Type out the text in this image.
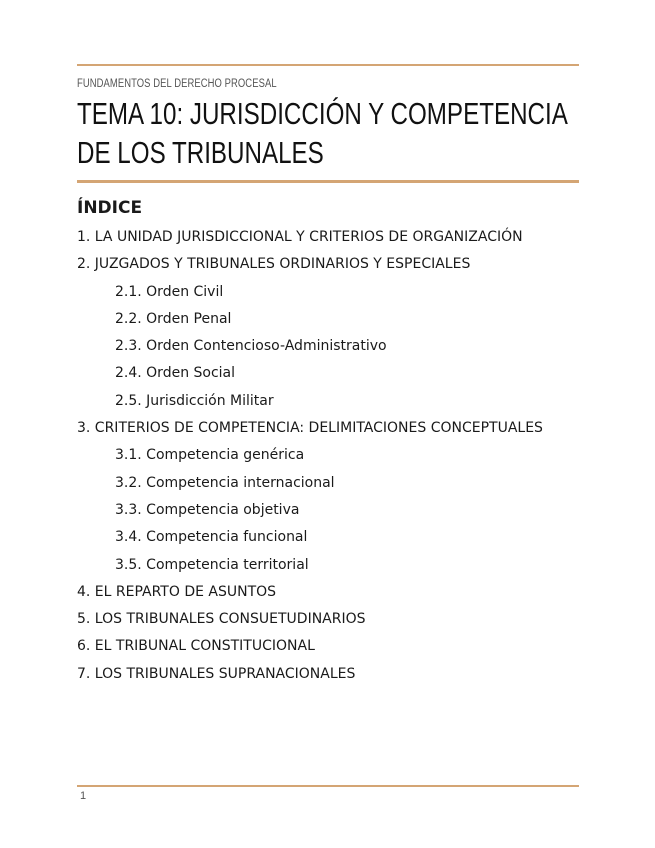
FUNDAMENTOS DEL DERECHO PROCESAL
TEMA 10: JURISDICCIÓN Y COMPETENCIA DE LOS TRIBUNALES
ÍNDICE
1. LA UNIDAD JURISDICCIONAL Y CRITERIOS DE ORGANIZACIÓN
2. JUZGADOS Y TRIBUNALES ORDINARIOS Y ESPECIALES
2.1. Orden Civil
2.2. Orden Penal
2.3. Orden Contencioso-Administrativo
2.4. Orden Social
2.5. Jurisdicción Militar
3. CRITERIOS DE COMPETENCIA: DELIMITACIONES CONCEPTUALES
3.1. Competencia genérica
3.2. Competencia internacional
3.3. Competencia objetiva
3.4. Competencia funcional
3.5. Competencia territorial
4. EL REPARTO DE ASUNTOS
5. LOS TRIBUNALES CONSUETUDINARIOS
6. EL TRIBUNAL CONSTITUCIONAL
7. LOS TRIBUNALES SUPRANACIONALES
1
